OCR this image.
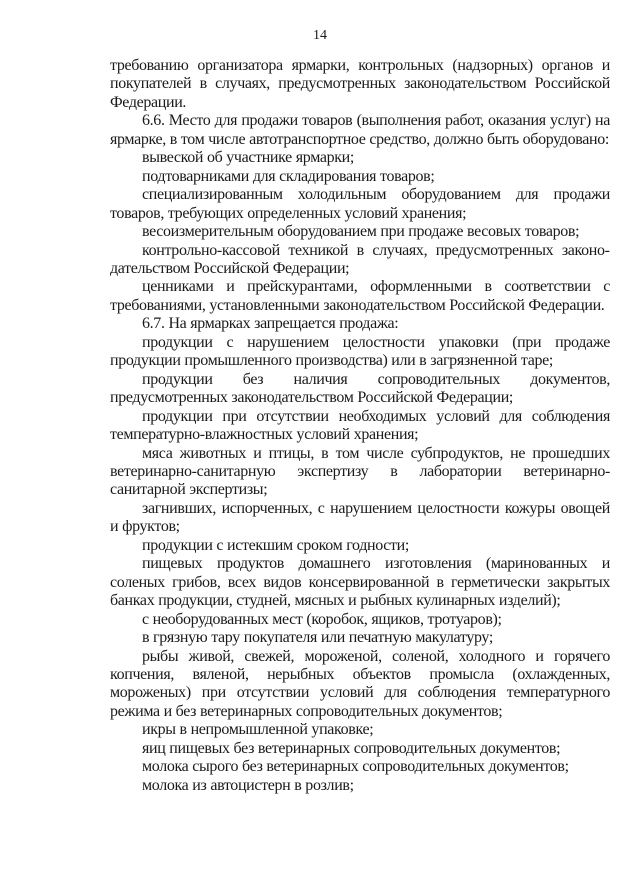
14

требованию организатора ярмарки, контрольных (надзорных) органов и покупателей в случаях, предусмотренных законодательством Российской Федерации.

6.6. Место для продажи товаров (выполнения работ, оказания услуг) на ярмарке, в том числе автотранспортное средство, должно быть оборудовано:

вывеской об участнике ярмарки;

подтоварниками для складирования товаров;

специализированным холодильным оборудованием для продажи товаров, требующих определенных условий хранения;

весоизмерительным оборудованием при продаже весовых товаров;

контрольно-кассовой техникой в случаях, предусмотренных законодательством Российской Федерации;

ценниками и прейскурантами, оформленными в соответствии с требованиями, установленными законодательством Российской Федерации.

6.7. На ярмарках запрещается продажа:

продукции с нарушением целостности упаковки (при продаже продукции промышленного производства) или в загрязненной таре;

продукции без наличия сопроводительных документов, предусмотренных законодательством Российской Федерации;

продукции при отсутствии необходимых условий для соблюдения температурно-влажностных условий хранения;

мяса животных и птицы, в том числе субпродуктов, не прошедших ветеринарно-санитарную экспертизу в лаборатории ветеринарно-санитарной экспертизы;

загнивших, испорченных, с нарушением целостности кожуры овощей и фруктов;

продукции с истекшим сроком годности;

пищевых продуктов домашнего изготовления (маринованных и соленых грибов, всех видов консервированной в герметически закрытых банках продукции, студней, мясных и рыбных кулинарных изделий);

с необорудованных мест (коробок, ящиков, тротуаров);

в грязную тару покупателя или печатную макулатуру;

рыбы живой, свежей, мороженой, соленой, холодного и горячего копчения, вяленой, нерыбных объектов промысла (охлажденных, мороженых) при отсутствии условий для соблюдения температурного режима и без ветеринарных сопроводительных документов;

икры в непромышленной упаковке;

яиц пищевых без ветеринарных сопроводительных документов;

молока сырого без ветеринарных сопроводительных документов;

молока из автоцистерн в розлив;
